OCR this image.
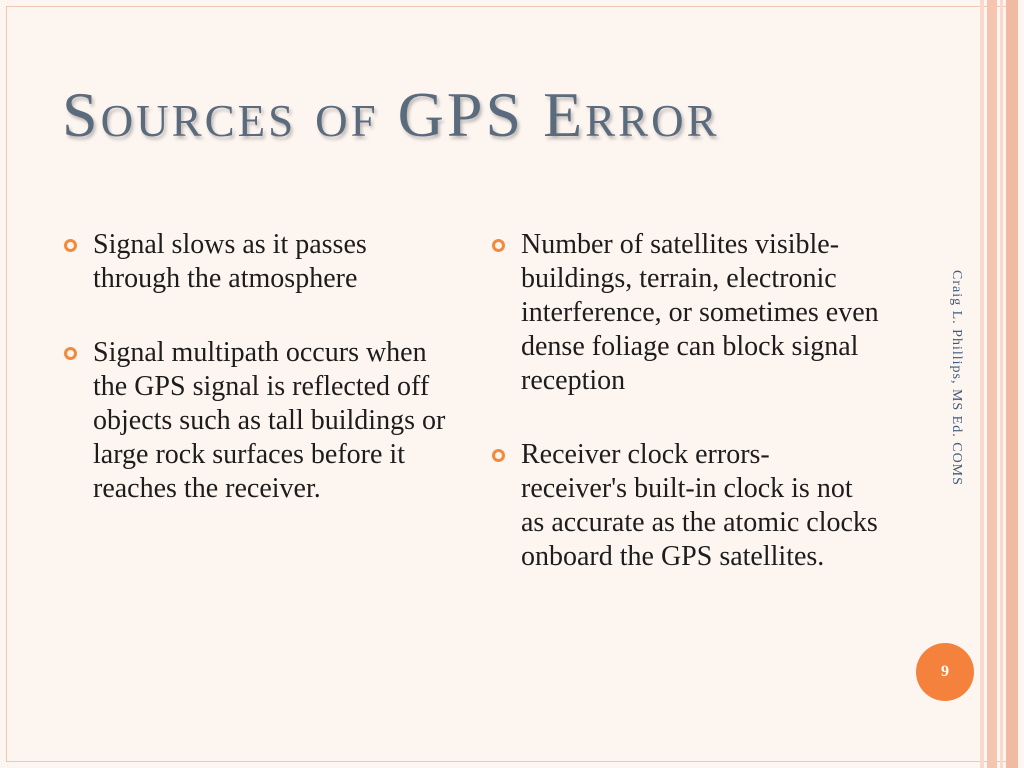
Sources of GPS Error
Signal slows as it passes through the atmosphere
Signal multipath occurs when the GPS signal is reflected off objects such as tall buildings or large rock surfaces before it reaches the receiver.
Number of satellites visible-buildings, terrain, electronic interference, or sometimes even dense foliage can block signal reception
Receiver clock errors- receiver's built-in clock is not as accurate as the atomic clocks onboard the GPS satellites.
Craig L. Phillips, MS Ed. COMS
9
